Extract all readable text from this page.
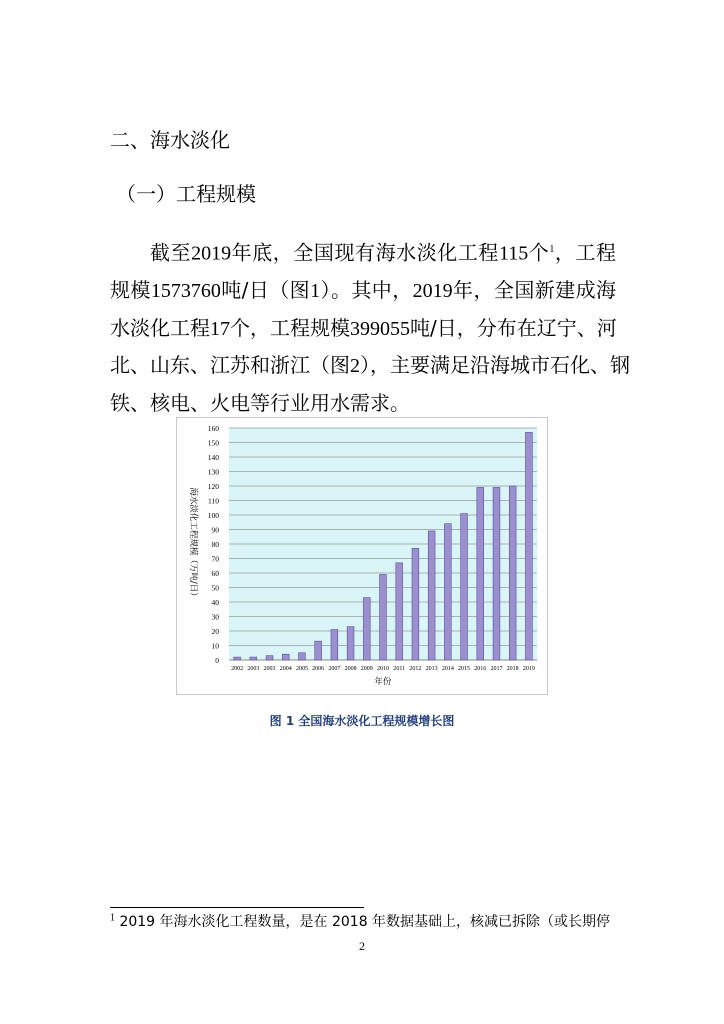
二、海水淡化
（一）工程规模
截至2019年底，全国现有海水淡化工程115个$^1$，工程
规模1573760吨/日（图1）。其中，2019年，全国新建成海
水淡化工程17个，工程规模399055吨/日，分布在辽宁、河
北、山东、江苏和浙江（图2），主要满足沿海城市石化、钢
铁、核电、火电等行业用水需求。
0
10
20
30
40
50
60
70
80
90
100
110
120
130
140
150
160
2002 2003 2003 2004 2005 2006 2007 2008 2009 2010 2011 2012 2013 2014 2015 2016 2017 2018 2019
海水淡化工程规模（万吨/日）
年份
图 1 全国海水淡化工程规模增长图
$^1$ 2019 年海水淡化工程数量，是在 2018 年数据基础上，核减已拆除（或长期停
2
